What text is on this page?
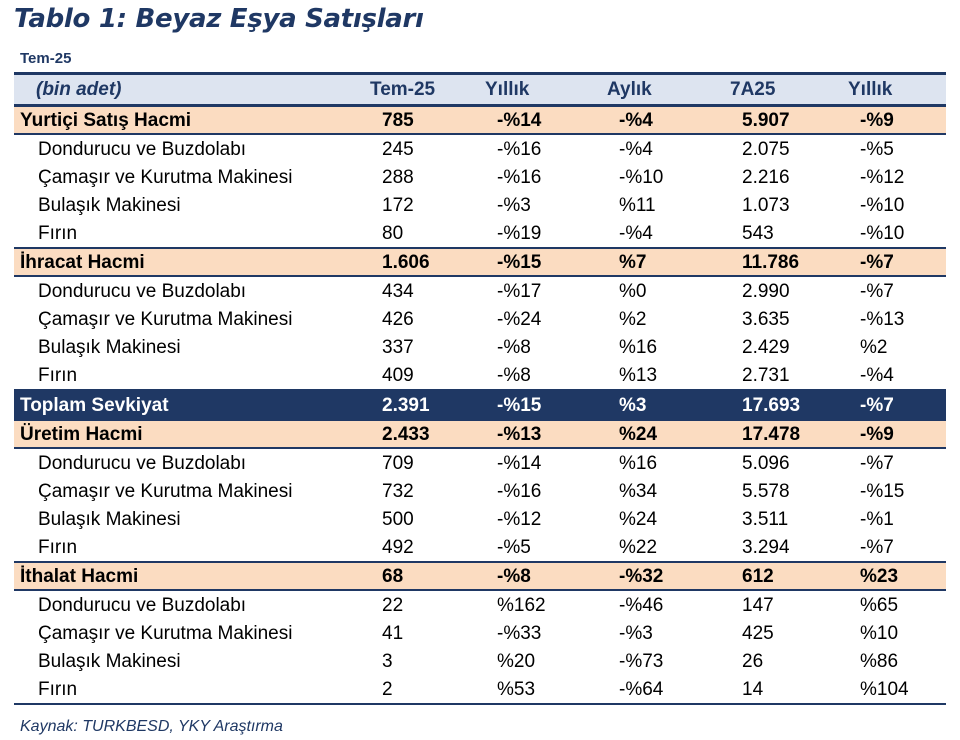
Tablo 1: Beyaz Eşya Satışları
Tem-25
(bin adet)	Tem-25	Yıllık	Aylık	7A25	Yıllık	
Yurtiçi Satış Hacmi	785	-%14	-%4	5.907	-%9	
Dondurucu ve Buzdolabı	245	-%16	-%4	2.075	-%5	
Çamaşır ve Kurutma Makinesi	288	-%16	-%10	2.216	-%12	
Bulaşık Makinesi	172	-%3	%11	1.073	-%10	
Fırın	80	-%19	-%4	543	-%10	
İhracat Hacmi	1.606	-%15	%7	11.786	-%7	
Dondurucu ve Buzdolabı	434	-%17	%0	2.990	-%7	
Çamaşır ve Kurutma Makinesi	426	-%24	%2	3.635	-%13	
Bulaşık Makinesi	337	-%8	%16	2.429	%2	
Fırın	409	-%8	%13	2.731	-%4	
Toplam Sevkiyat	2.391	-%15	%3	17.693	-%7	
Üretim Hacmi	2.433	-%13	%24	17.478	-%9	
Dondurucu ve Buzdolabı	709	-%14	%16	5.096	-%7	
Çamaşır ve Kurutma Makinesi	732	-%16	%34	5.578	-%15	
Bulaşık Makinesi	500	-%12	%24	3.511	-%1	
Fırın	492	-%5	%22	3.294	-%7	
İthalat Hacmi	68	-%8	-%32	612	%23	
Dondurucu ve Buzdolabı	22	%162	-%46	147	%65	
Çamaşır ve Kurutma Makinesi	41	-%33	-%3	425	%10	
Bulaşık Makinesi	3	%20	-%73	26	%86	
Fırın	2	%53	-%64	14	%104	
Kaynak: TURKBESD, YKY Araştırma
